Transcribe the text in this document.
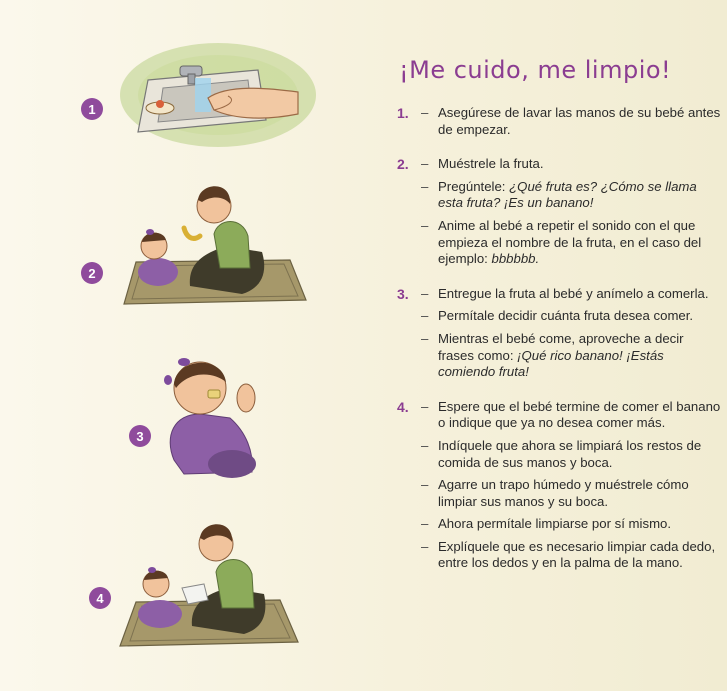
1
2
3
4
¡Me cuido, me limpio!
1. – Asegúrese de lavar las manos de su bebé antes de empezar.
2. – Muéstrele la fruta.
– Pregúntele: ¿Qué fruta es? ¿Cómo se llama esta fruta? ¡Es un banano!
– Anime al bebé a repetir el sonido con el que empieza el nombre de la fruta, en el caso del ejemplo: bbbbbb.
3. – Entregue la fruta al bebé y anímelo a comerla.
– Permítale decidir cuánta fruta desea comer.
– Mientras el bebé come, aproveche a decir frases como: ¡Qué rico banano! ¡Estás comiendo fruta!
4. – Espere que el bebé termine de comer el banano o indique que ya no desea comer más.
– Indíquele que ahora se limpiará los restos de comida de sus manos y boca.
– Agarre un trapo húmedo y muéstrele cómo limpiar sus manos y su boca.
– Ahora permítale limpiarse por sí mismo.
– Explíquele que es necesario limpiar cada dedo, entre los dedos y en la palma de la mano.
